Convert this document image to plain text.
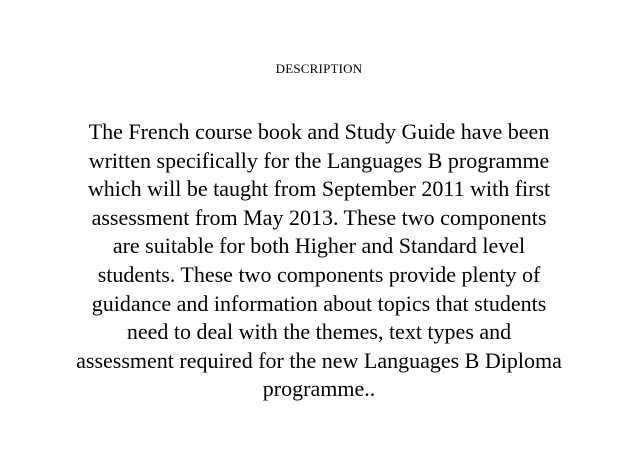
DESCRIPTION
The French course book and Study Guide have been
written specifically for the Languages B programme
which will be taught from September 2011 with first
assessment from May 2013. These two components
are suitable for both Higher and Standard level
students. These two components provide plenty of
guidance and information about topics that students
need to deal with the themes, text types and
assessment required for the new Languages B Diploma
programme..
